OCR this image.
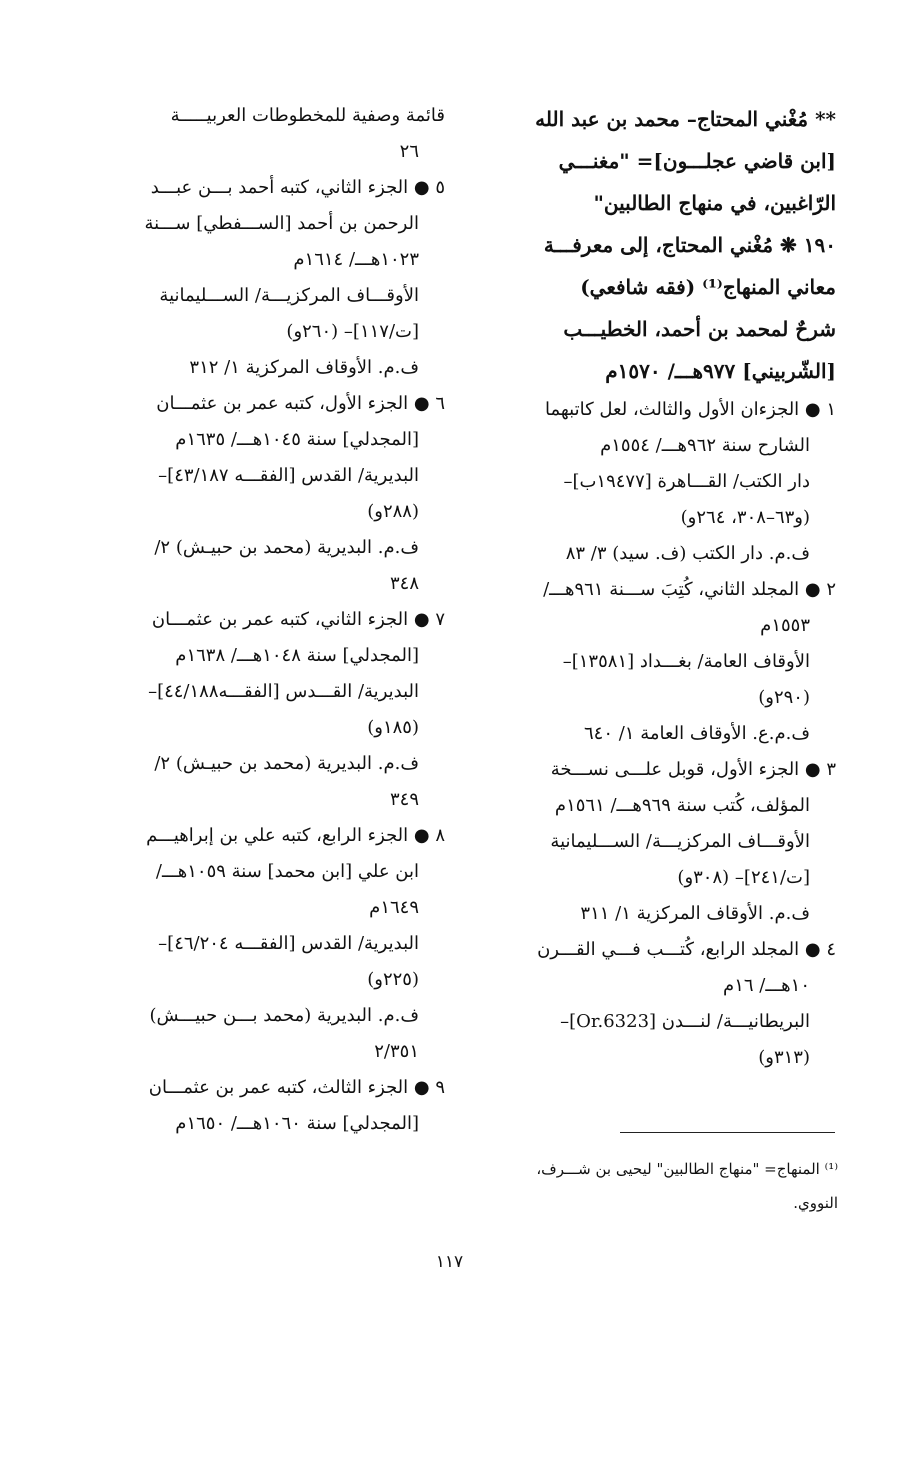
** مُغْني المحتاج– محمد بن عبد الله
[ابن قاضي عجلـــون]= "مغنـــي
الرّاغبين، في منهاج الطالبين"
١٩٠ ❋ مُغْني المحتاج، إلى معرفـــة
معاني المنهاج⁽¹⁾ (فقه شافعي)
شرحٌ لمحمد بن أحمد، الخطيـــب
[الشّربيني] ٩٧٧هـــ/ ١٥٧٠م
١ ● الجزءان الأول والثالث، لعل كاتبهما
الشارح سنة ٩٦٢هـــ/ ١٥٥٤م
دار الكتب/ القـــاهرة [١٩٤٧٧ب]–
(و٦٣–٣٠٨، ٢٦٤و)
ف.م. دار الكتب (ف. سيد) ٣/ ٨٣
٢ ● المجلد الثاني، كُتِبَ ســـنة ٩٦١هـــ/
١٥٥٣م
الأوقاف العامة/ بغـــداد [١٣٥٨١]–
(٢٩٠و)
ف.م.ع. الأوقاف العامة ١/ ٦٤٠
٣ ● الجزء الأول، قوبل علـــى نســـخة
المؤلف، كُتب سنة ٩٦٩هـــ/ ١٥٦١م
الأوقـــاف المركزيـــة/ الســـليمانية
[ت/٢٤١]– (٣٠٨و)
ف.م. الأوقاف المركزية ١/ ٣١١
٤ ● المجلد الرابع، كُتـــب فـــي القـــرن
١٠هـــ/ ١٦م
البريطانيـــة/ لنـــدن [Or.6323]–
(٣١٣و)
قائمة وصفية للمخطوطات العربيـــــة
٢٦
٥ ● الجزء الثاني، كتبه أحمد بـــن عبـــد
الرحمن بن أحمد [الســـفطي] ســـنة
١٠٢٣هـــ/ ١٦١٤م
الأوقـــاف المركزيـــة/ الســـليمانية
[ت/١١٧]– (٢٦٠و)
ف.م. الأوقاف المركزية ١/ ٣١٢
٦ ● الجزء الأول، كتبه عمر بن عثمـــان
[المجدلي] سنة ١٠٤٥هـــ/ ١٦٣٥م
البديرية/ القدس [الفقـــه ٤٣/١٨٧]–
(٢٨٨و)
ف.م. البديرية (محمد بن حبيـش) ٢/
٣٤٨
٧ ● الجزء الثاني، كتبه عمر بن عثمـــان
[المجدلي] سنة ١٠٤٨هـــ/ ١٦٣٨م
البديرية/ القـــدس [الفقـــه٤٤/١٨٨]–
(١٨٥و)
ف.م. البديرية (محمد بن حبيـش) ٢/
٣٤٩
٨ ● الجزء الرابع، كتبه علي بن إبراهيـــم
ابن علي [ابن محمد] سنة ١٠٥٩هـــ/
١٦٤٩م
البديرية/ القدس [الفقـــه ٤٦/٢٠٤]–
(٢٢٥و)
ف.م. البديرية (محمد بـــن حبيـــش)
٢/٣٥١
٩ ● الجزء الثالث، كتبه عمر بن عثمـــان
[المجدلي] سنة ١٠٦٠هـــ/ ١٦٥٠م
⁽¹⁾ المنهاج= "منهاج الطالبين" ليحيى بن شـــرف،
النووي.
١١٧
